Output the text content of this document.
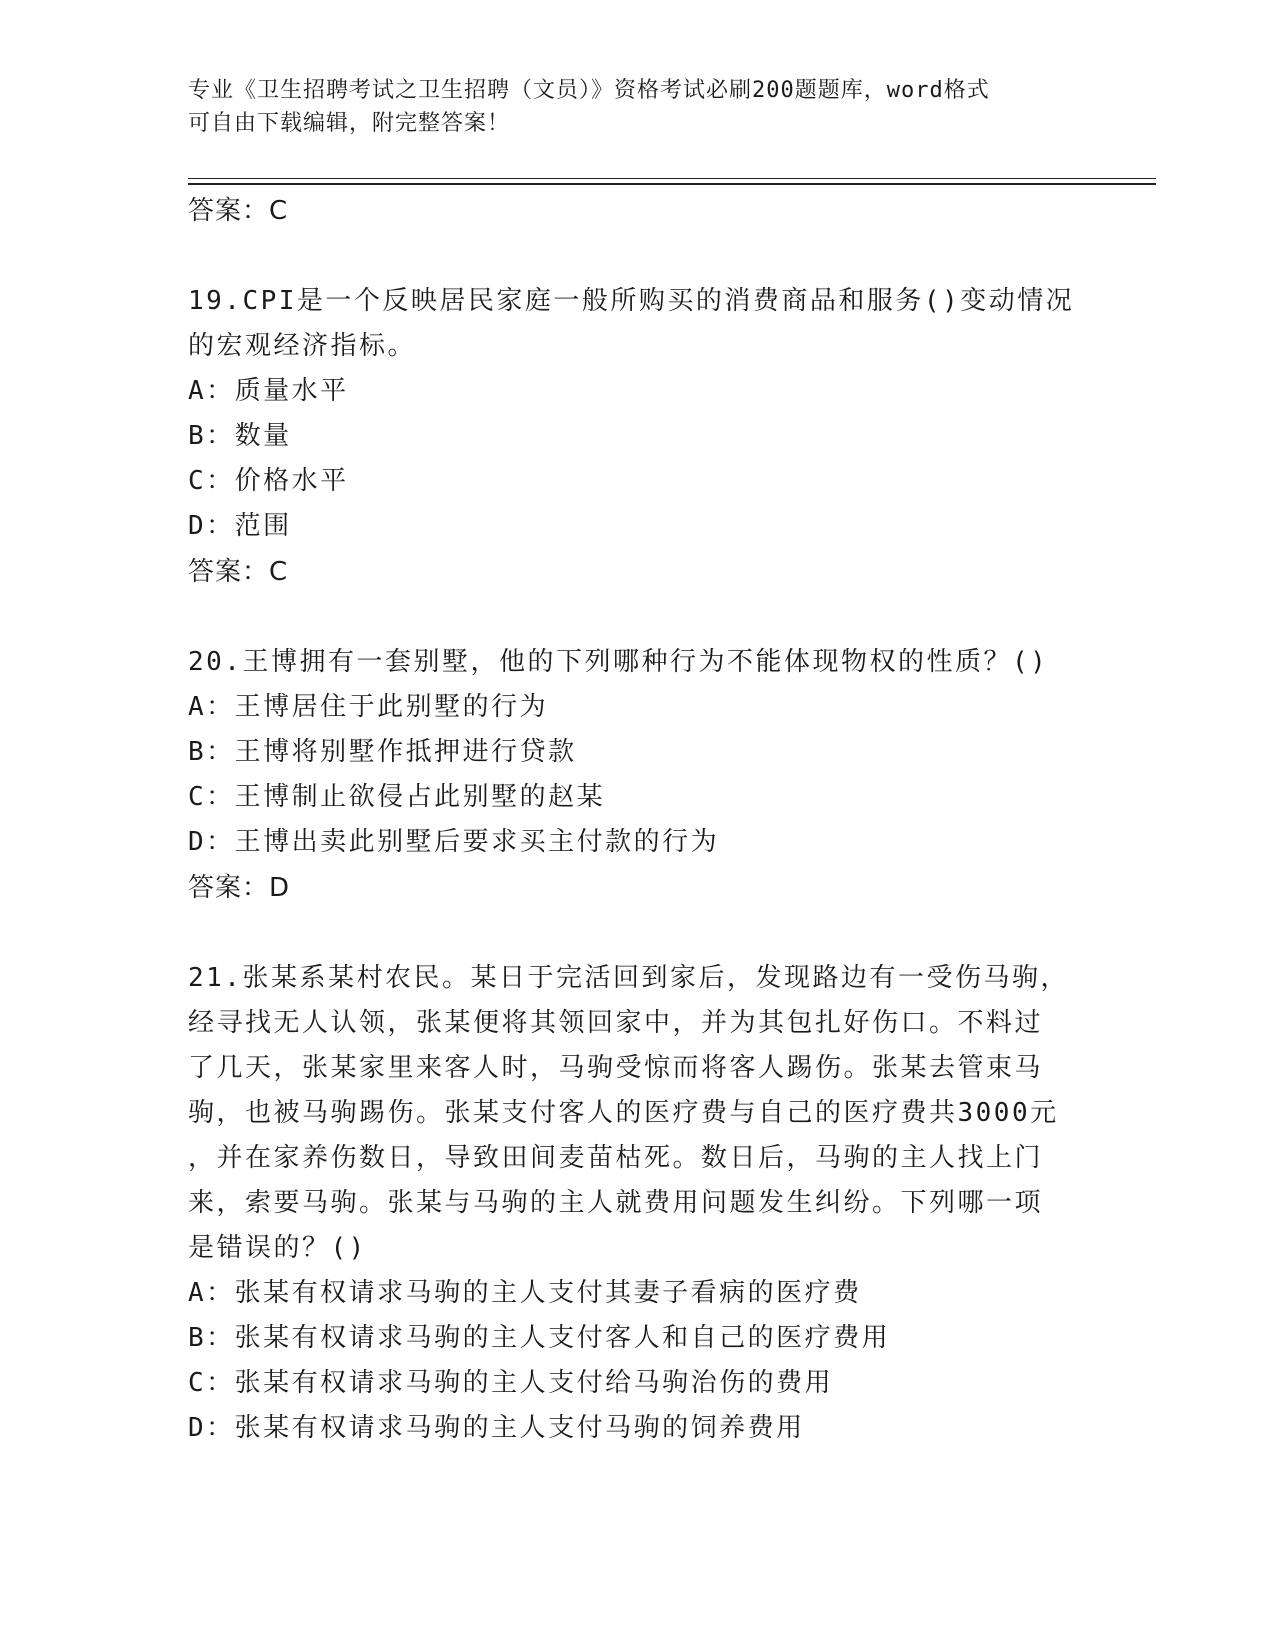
专业《卫生招聘考试之卫生招聘（文员）》资格考试必刷200题题库，word格式
可自由下载编辑，附完整答案！

答案：C

19.CPI是一个反映居民家庭一般所购买的消费商品和服务()变动情况

的宏观经济指标。

A：质量水平

B：数量

C：价格水平

D：范围

答案：C

20.王博拥有一套别墅，他的下列哪种行为不能体现物权的性质？()

A：王博居住于此别墅的行为

B：王博将别墅作抵押进行贷款

C：王博制止欲侵占此别墅的赵某

D：王博出卖此别墅后要求买主付款的行为

答案：D

21.张某系某村农民。某日于完活回到家后，发现路边有一受伤马驹，

经寻找无人认领，张某便将其领回家中，并为其包扎好伤口。不料过

了几天，张某家里来客人时，马驹受惊而将客人踢伤。张某去管束马

驹，也被马驹踢伤。张某支付客人的医疗费与自己的医疗费共3000元

，并在家养伤数日，导致田间麦苗枯死。数日后，马驹的主人找上门

来，索要马驹。张某与马驹的主人就费用问题发生纠纷。下列哪一项

是错误的？()

A：张某有权请求马驹的主人支付其妻子看病的医疗费

B：张某有权请求马驹的主人支付客人和自己的医疗费用

C：张某有权请求马驹的主人支付给马驹治伤的费用

D：张某有权请求马驹的主人支付马驹的饲养费用
